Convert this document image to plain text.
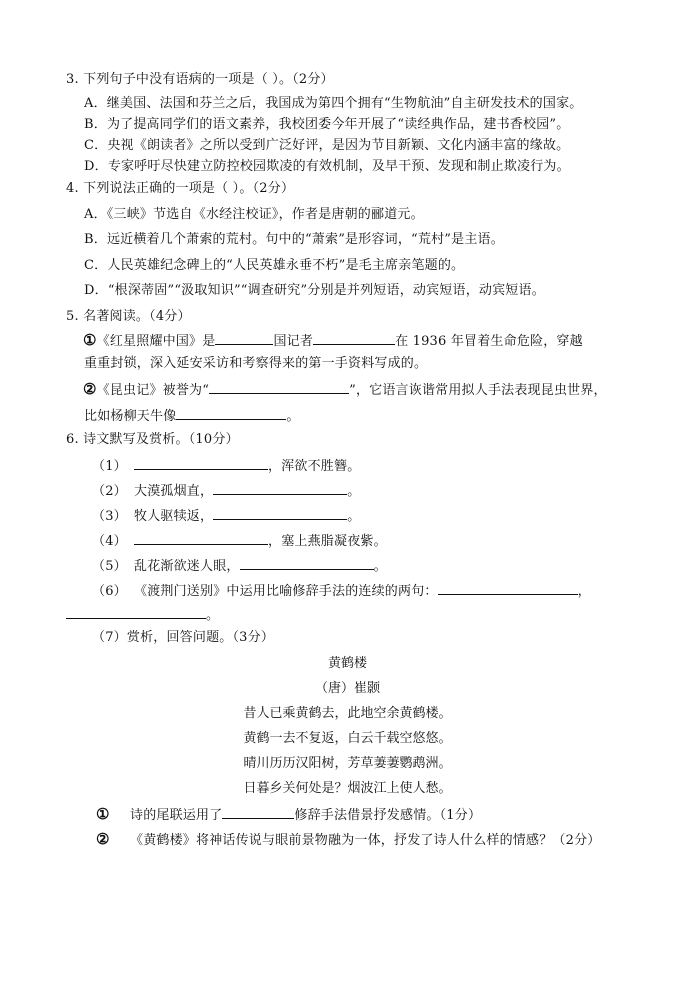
3. 下列句子中没有语病的一项是（ ）。（2分）
A．继美国、法国和芬兰之后，我国成为第四个拥有“生物航油”自主研发技术的国家。
B．为了提高同学们的语文素养，我校团委今年开展了“读经典作品，建书香校园”。
C．央视《朗读者》之所以受到广泛好评，是因为节目新颖、文化内涵丰富的缘故。
D．专家呼吁尽快建立防控校园欺凌的有效机制，及早干预、发现和制止欺凌行为。
4. 下列说法正确的一项是（ ）。（2分）
A．《三峡》节选自《水经注校证》，作者是唐朝的郦道元。
B．远近横着几个萧索的荒村。句中的“萧索”是形容词，“荒村”是主语。
C．人民英雄纪念碑上的“人民英雄永垂不朽”是毛主席亲笔题的。
D．“根深蒂固”“汲取知识”“调查研究”分别是并列短语，动宾短语，动宾短语。
5. 名著阅读。（4分）
①《红星照耀中国》是	国记者	在 1936 年冒着生命危险，穿越
重重封锁，深入延安采访和考察得来的第一手资料写成的。
②《昆虫记》被誉为“	”，它语言诙谐常用拟人手法表现昆虫世界，
比如杨柳天牛像	。
6. 诗文默写及赏析。（10分）
（1）	，浑欲不胜簪。
（2） 大漠孤烟直，	。
（3） 牧人驱犊返，	。
（4）	，塞上燕脂凝夜紫。
（5） 乱花渐欲迷人眼，	。
（6） 《渡荆门送别》中运用比喻修辞手法的连续的两句：	，
。
（7）赏析，回答问题。（3分）
黄鹤楼
（唐）崔颢
昔人已乘黄鹤去，此地空余黄鹤楼。
黄鹤一去不复返，白云千载空悠悠。
晴川历历汉阳树，芳草萋萋鹦鹉洲。
日暮乡关何处是？烟波江上使人愁。
① 诗的尾联运用了	修辞手法借景抒发感情。（1分）
② 《黄鹤楼》将神话传说与眼前景物融为一体，抒发了诗人什么样的情感？（2分）
